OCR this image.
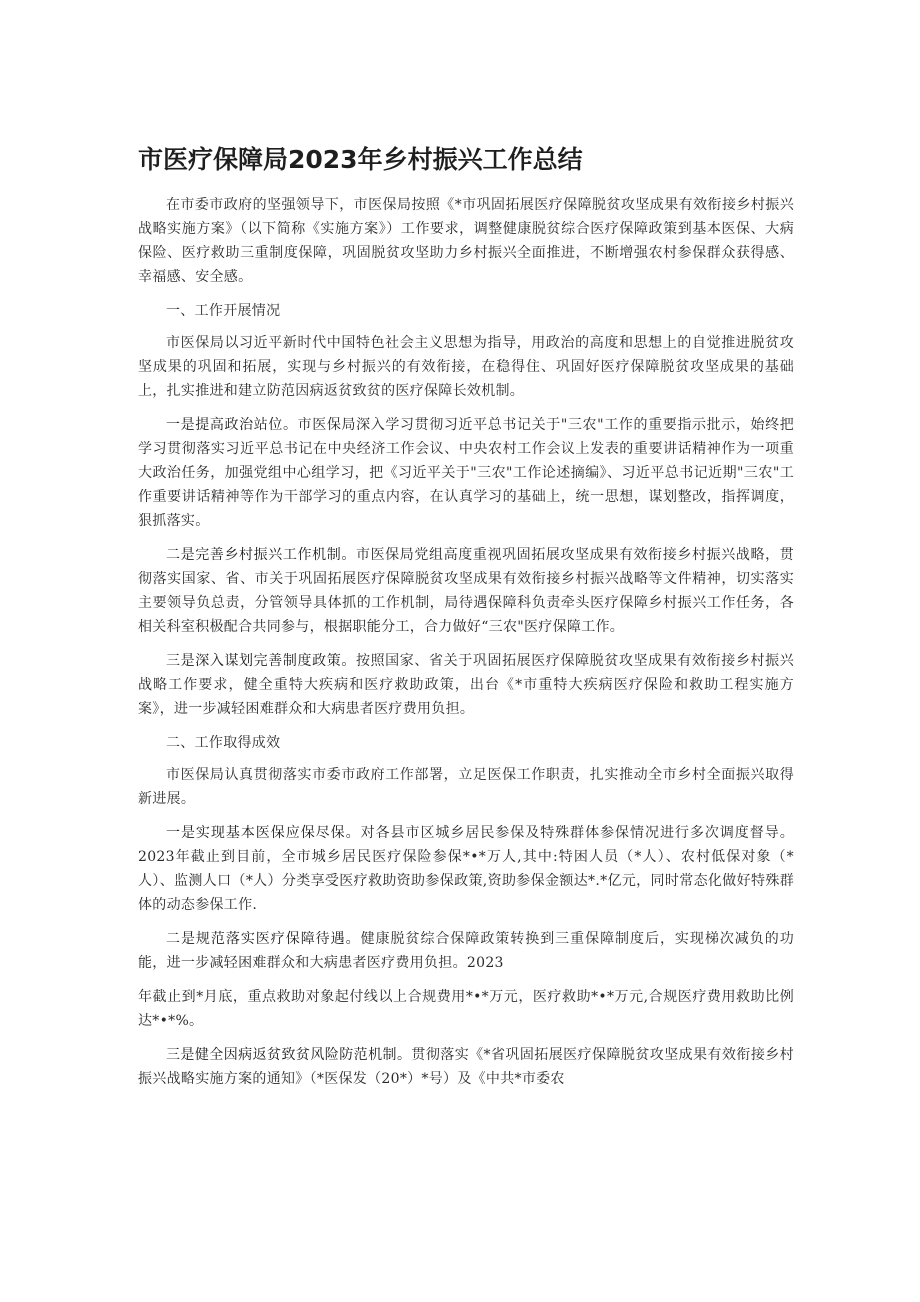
市医疗保障局2023年乡村振兴工作总结

在市委市政府的坚强领导下，市医保局按照《*市巩固拓展医疗保障脱贫攻坚成果有效衔接乡村振兴战略实施方案》（以下简称《实施方案》）工作要求，调整健康脱贫综合医疗保障政策到基本医保、大病保险、医疗救助三重制度保障，巩固脱贫攻坚助力乡村振兴全面推进，不断增强农村参保群众获得感、幸福感、安全感。

一、工作开展情况

市医保局以习近平新时代中国特色社会主义思想为指导，用政治的高度和思想上的自觉推进脱贫攻坚成果的巩固和拓展，实现与乡村振兴的有效衔接，在稳得住、巩固好医疗保障脱贫攻坚成果的基础上，扎实推进和建立防范因病返贫致贫的医疗保障长效机制。

一是提高政治站位。市医保局深入学习贯彻习近平总书记关于"三农"工作的重要指示批示，始终把学习贯彻落实习近平总书记在中央经济工作会议、中央农村工作会议上发表的重要讲话精神作为一项重大政治任务，加强党组中心组学习，把《习近平关于"三农"工作论述摘编》、习近平总书记近期"三农"工作重要讲话精神等作为干部学习的重点内容，在认真学习的基础上，统一思想，谋划整改，指挥调度，狠抓落实。

二是完善乡村振兴工作机制。市医保局党组高度重视巩固拓展攻坚成果有效衔接乡村振兴战略，贯彻落实国家、省、市关于巩固拓展医疗保障脱贫攻坚成果有效衔接乡村振兴战略等文件精神，切实落实主要领导负总责，分管领导具体抓的工作机制，局待遇保障科负责牵头医疗保障乡村振兴工作任务，各相关科室积极配合共同参与，根据职能分工，合力做好“三农"医疗保障工作。

三是深入谋划完善制度政策。按照国家、省关于巩固拓展医疗保障脱贫攻坚成果有效衔接乡村振兴战略工作要求，健全重特大疾病和医疗救助政策，出台《*市重特大疾病医疗保险和救助工程实施方案》，进一步减轻困难群众和大病患者医疗费用负担。

二、工作取得成效

市医保局认真贯彻落实市委市政府工作部署，立足医保工作职责，扎实推动全市乡村全面振兴取得新进展。

一是实现基本医保应保尽保。对各县市区城乡居民参保及特殊群体参保情况进行多次调度督导。2023年截止到目前，全市城乡居民医疗保险参保*•*万人,其中:特困人员（*人）、农村低保对象（*人）、监测人口（*人）分类享受医疗救助资助参保政策,资助参保金额达*.*亿元，同时常态化做好特殊群体的动态参保工作.

二是规范落实医疗保障待遇。健康脱贫综合保障政策转换到三重保障制度后，实现梯次减负的功能，进一步减轻困难群众和大病患者医疗费用负担。2023

年截止到*月底，重点救助对象起付线以上合规费用*•*万元，医疗救助*•*万元,合规医疗费用救助比例达*•*%。

三是健全因病返贫致贫风险防范机制。贯彻落实《*省巩固拓展医疗保障脱贫攻坚成果有效衔接乡村振兴战略实施方案的通知》（*医保发（20*）*号）及《中共*市委农
